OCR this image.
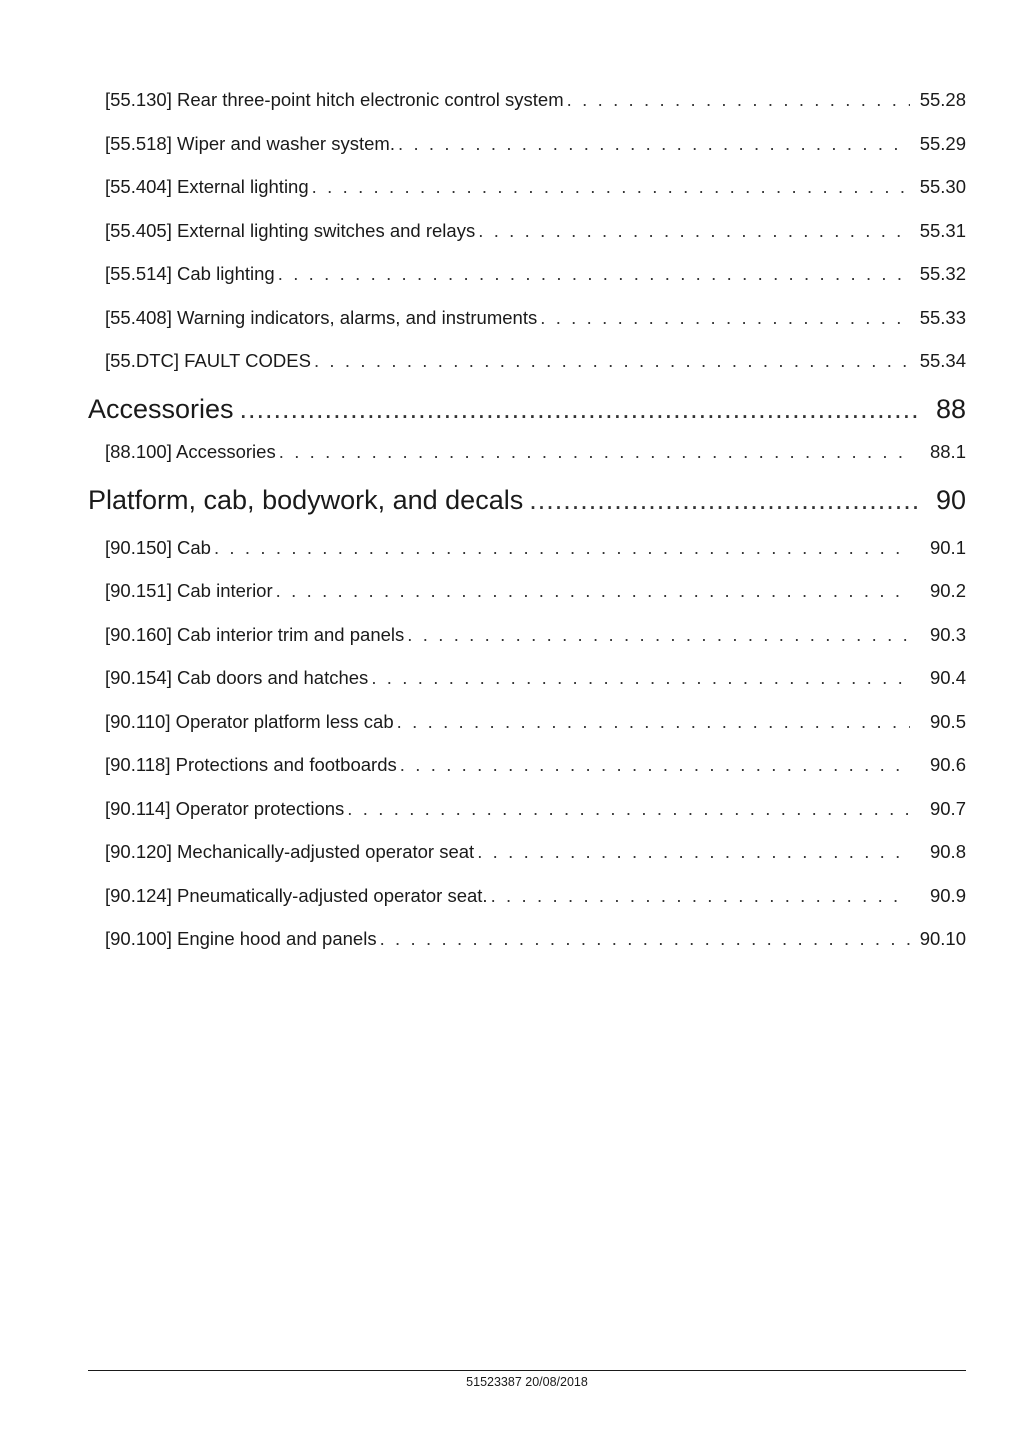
[55.130] Rear three-point hitch electronic control system . . .	55.28
[55.518] Wiper and washer system. . . .	55.29
[55.404] External lighting . . .	55.30
[55.405] External lighting switches and relays . . .	55.31
[55.514] Cab lighting . . .	55.32
[55.408] Warning indicators, alarms, and instruments . . .	55.33
[55.DTC] FAULT CODES . . .	55.34
Accessories .....	88
[88.100] Accessories . . .	88.1
Platform, cab, bodywork, and decals .....	90
[90.150] Cab . . .	90.1
[90.151] Cab interior . . .	90.2
[90.160] Cab interior trim and panels . . .	90.3
[90.154] Cab doors and hatches . . .	90.4
[90.110] Operator platform less cab . . .	90.5
[90.118] Protections and footboards . . .	90.6
[90.114] Operator protections . . .	90.7
[90.120] Mechanically-adjusted operator seat . . .	90.8
[90.124] Pneumatically-adjusted operator seat. . . .	90.9
[90.100] Engine hood and panels . . .	90.10
51523387 20/08/2018
